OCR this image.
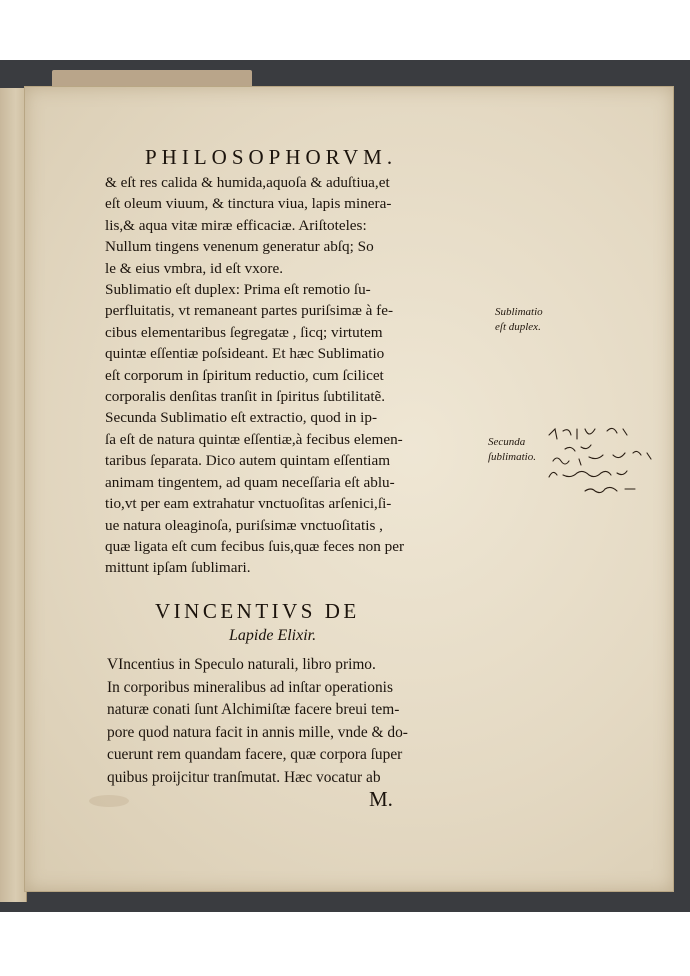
PHILOSOPHORVM.
& eſt res calida & humida,aquoſa & aduſtiua,et
eſt oleum viuum, & tinctura viua, lapis minera-
lis,& aqua vitæ miræ efficaciæ. Ariſtoteles:
Nullum tingens venenum generatur abſq; So
le & eius vmbra, id eſt vxore.
Sublimatio eſt duplex: Prima eſt remotio ſu-
perfluitatis, vt remaneant partes puriſsimæ à fe-
cibus elementaribus ſegregatæ , ſicq; virtutem
quintæ eſſentiæ poſsideant. Et hæc Sublimatio
eſt corporum in ſpiritum reductio, cum ſcilicet
corporalis denſitas tranſit in ſpiritus ſubtilitatẽ.
Secunda Sublimatio eſt extractio, quod in ip-
ſa eſt de natura quintæ eſſentiæ,à fecibus elemen-
taribus ſeparata. Dico autem quintam eſſentiam
animam tingentem, ad quam neceſſaria eſt ablu-
tio,vt per eam extrahatur vnctuoſitas arſenici,ſi-
ue natura oleaginoſa, puriſsimæ vnctuoſitatis ,
quæ ligata eſt cum fecibus ſuis,quæ feces non per
mittunt ipſam ſublimari.
VINCENTIVS DE
Lapide Elixir.
VIncentius in Speculo naturali, libro primo.
In corporibus mineralibus ad inſtar operationis
naturæ conati ſunt Alchimiſtæ facere breui tem-
pore quod natura facit in annis mille, vnde & do-
cuerunt rem quandam facere, quæ corpora ſuper
quibus proijcitur tranſmutat. Hæc vocatur ab
M.
Sublimatio
eſt duplex.
Secunda
ſublimatio.
